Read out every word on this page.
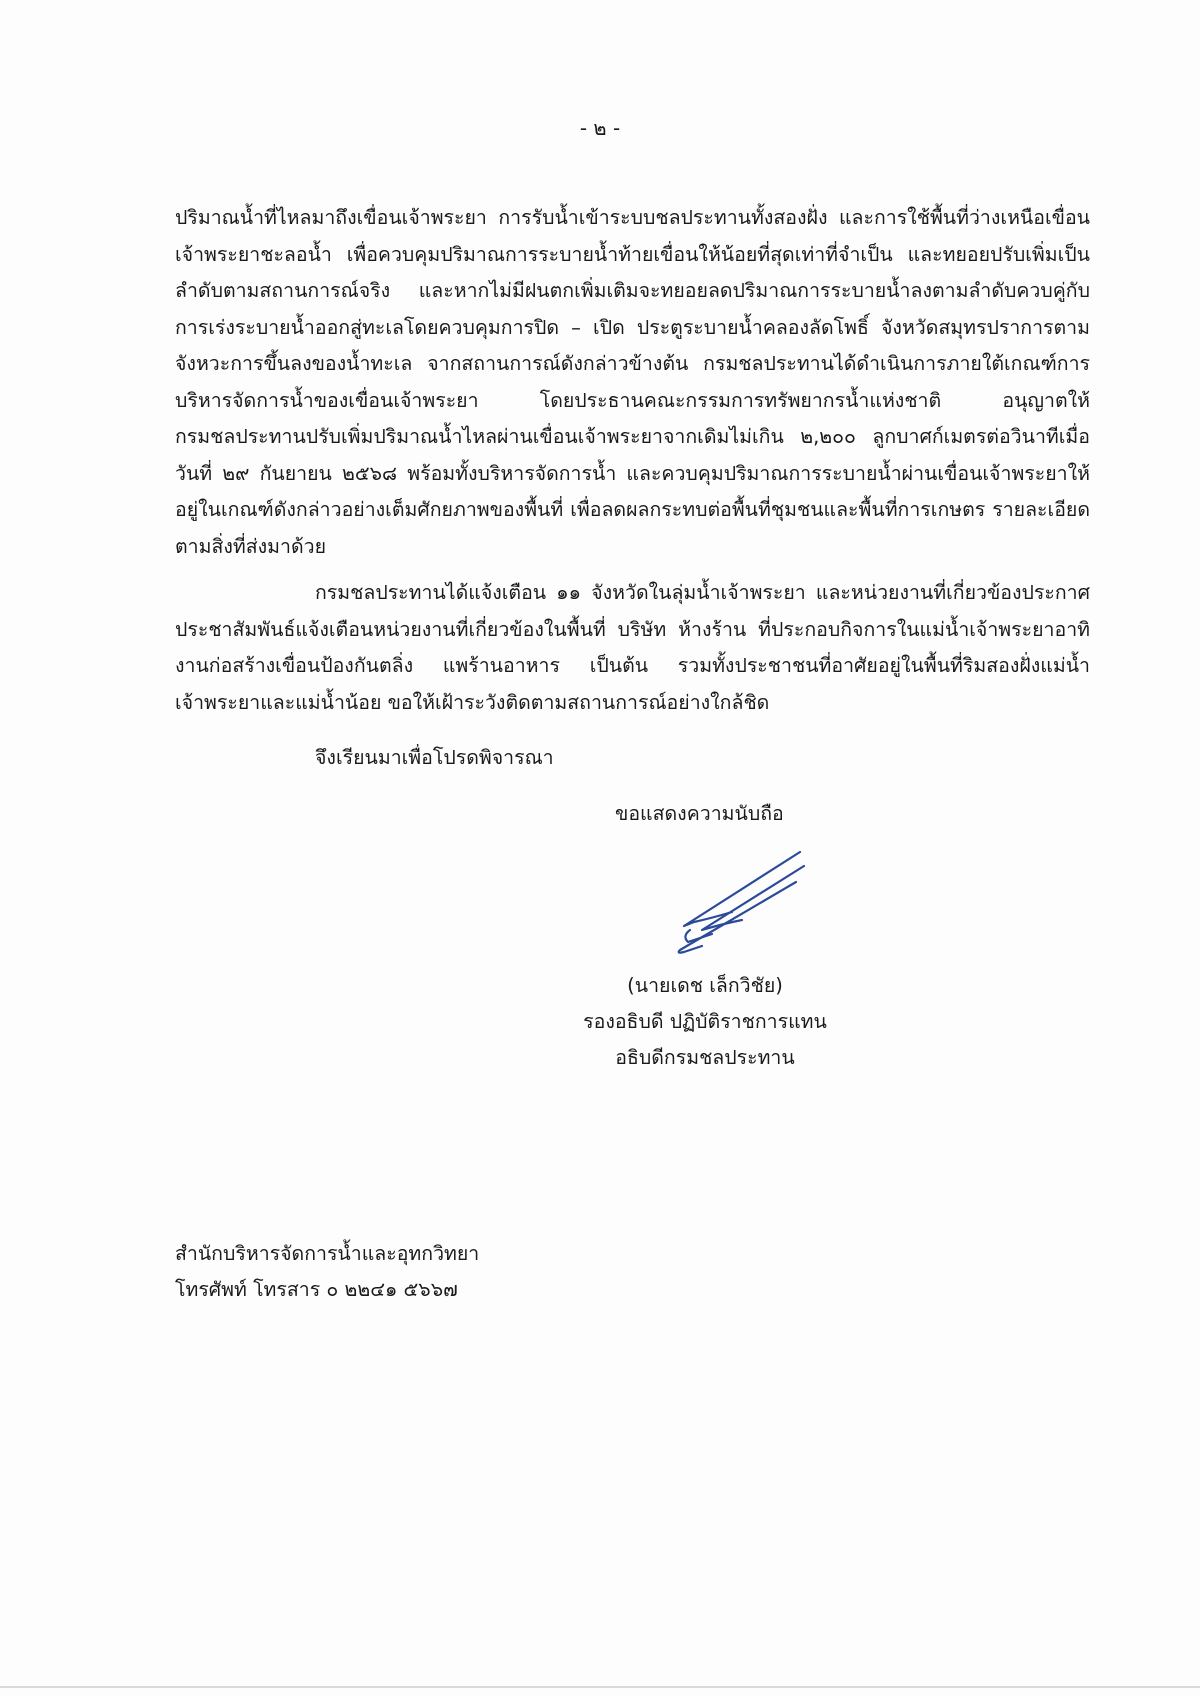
- ๒ -

ปริมาณน้ำที่ไหลมาถึงเขื่อนเจ้าพระยา การรับน้ำเข้าระบบชลประทานทั้งสองฝั่ง และการใช้พื้นที่ว่างเหนือเขื่อนเจ้าพระยาชะลอน้ำ เพื่อควบคุมปริมาณการระบายน้ำท้ายเขื่อนให้น้อยที่สุดเท่าที่จำเป็น และทยอยปรับเพิ่มเป็นลำดับตามสถานการณ์จริง และหากไม่มีฝนตกเพิ่มเติมจะทยอยลดปริมาณการระบายน้ำลงตามลำดับควบคู่กับการเร่งระบายน้ำออกสู่ทะเลโดยควบคุมการปิด – เปิด ประตูระบายน้ำคลองลัดโพธิ์ จังหวัดสมุทรปราการตามจังหวะการขึ้นลงของน้ำทะเล จากสถานการณ์ดังกล่าวข้างต้น กรมชลประทานได้ดำเนินการภายใต้เกณฑ์การบริหารจัดการน้ำของเขื่อนเจ้าพระยา โดยประธานคณะกรรมการทรัพยากรน้ำแห่งชาติ อนุญาตให้กรมชลประทานปรับเพิ่มปริมาณน้ำไหลผ่านเขื่อนเจ้าพระยาจากเดิมไม่เกิน ๒,๒๐๐ ลูกบาศก์เมตรต่อวินาทีเมื่อวันที่ ๒๙ กันยายน ๒๕๖๘ พร้อมทั้งบริหารจัดการน้ำ และควบคุมปริมาณการระบายน้ำผ่านเขื่อนเจ้าพระยาให้อยู่ในเกณฑ์ดังกล่าวอย่างเต็มศักยภาพของพื้นที่ เพื่อลดผลกระทบต่อพื้นที่ชุมชนและพื้นที่การเกษตร รายละเอียดตามสิ่งที่ส่งมาด้วย

กรมชลประทานได้แจ้งเตือน ๑๑ จังหวัดในลุ่มน้ำเจ้าพระยา และหน่วยงานที่เกี่ยวข้องประกาศประชาสัมพันธ์แจ้งเตือนหน่วยงานที่เกี่ยวข้องในพื้นที่ บริษัท ห้างร้าน ที่ประกอบกิจการในแม่น้ำเจ้าพระยาอาทิ งานก่อสร้างเขื่อนป้องกันตลิ่ง แพร้านอาหาร เป็นต้น รวมทั้งประชาชนที่อาศัยอยู่ในพื้นที่ริมสองฝั่งแม่น้ำเจ้าพระยาและแม่น้ำน้อย ขอให้เฝ้าระวังติดตามสถานการณ์อย่างใกล้ชิด

จึงเรียนมาเพื่อโปรดพิจารณา
ขอแสดงความนับถือ
(นายเดช เล็กวิชัย)
รองอธิบดี ปฏิบัติราชการแทน
อธิบดีกรมชลประทาน
สำนักบริหารจัดการน้ำและอุทกวิทยา
โทรศัพท์ โทรสาร ๐ ๒๒๔๑ ๕๖๖๗
